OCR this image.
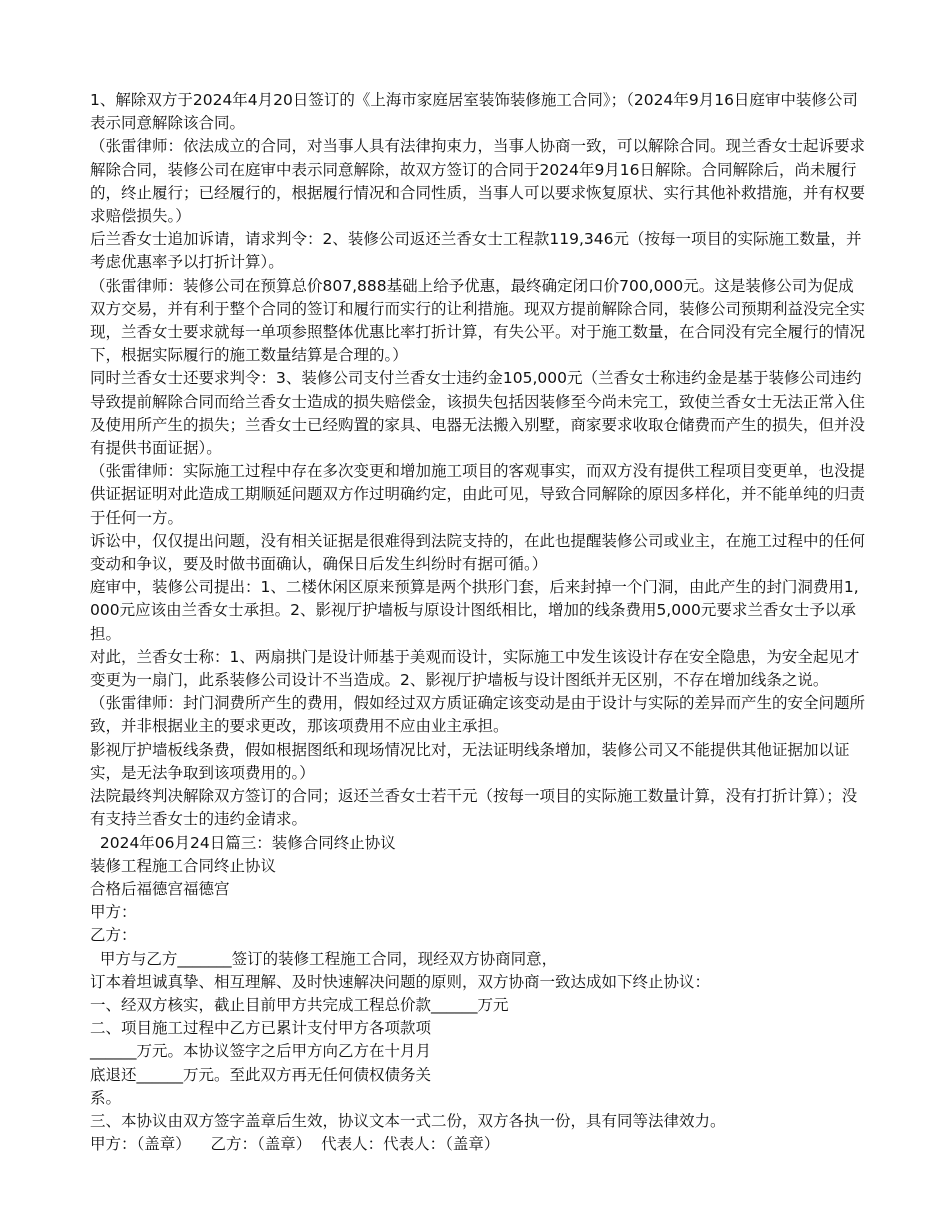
1、解除双方于2024年4月20日签订的《上海市家庭居室装饰装修施工合同》；（2024年9月16日庭审中装修公司表示同意解除该合同。

（张雷律师：依法成立的合同，对当事人具有法律拘束力，当事人协商一致，可以解除合同。现兰香女士起诉要求解除合同，装修公司在庭审中表示同意解除，故双方签订的合同于2024年9月16日解除。合同解除后，尚未履行的，终止履行；已经履行的，根据履行情况和合同性质，当事人可以要求恢复原状、实行其他补救措施，并有权要求赔偿损失。）

后兰香女士追加诉请，请求判令：2、装修公司返还兰香女士工程款119,346元（按每一项目的实际施工数量，并考虑优惠率予以打折计算）。

（张雷律师：装修公司在预算总价807,888基础上给予优惠，最终确定闭口价700,000元。这是装修公司为促成双方交易，并有利于整个合同的签订和履行而实行的让利措施。现双方提前解除合同，装修公司预期利益没完全实现，兰香女士要求就每一单项参照整体优惠比率打折计算，有失公平。对于施工数量，在合同没有完全履行的情况下，根据实际履行的施工数量结算是合理的。）

同时兰香女士还要求判令：3、装修公司支付兰香女士违约金105,000元（兰香女士称违约金是基于装修公司违约导致提前解除合同而给兰香女士造成的损失赔偿金，该损失包括因装修至今尚未完工，致使兰香女士无法正常入住及使用所产生的损失；兰香女士已经购置的家具、电器无法搬入别墅，商家要求收取仓储费而产生的损失，但并没有提供书面证据）。

（张雷律师：实际施工过程中存在多次变更和增加施工项目的客观事实，而双方没有提供工程项目变更单，也没提供证据证明对此造成工期顺延问题双方作过明确约定，由此可见，导致合同解除的原因多样化，并不能单纯的归责于任何一方。

诉讼中，仅仅提出问题，没有相关证据是很难得到法院支持的，在此也提醒装修公司或业主，在施工过程中的任何变动和争议，要及时做书面确认，确保日后发生纠纷时有据可循。）

庭审中，装修公司提出：1、二楼休闲区原来预算是两个拱形门套，后来封掉一个门洞，由此产生的封门洞费用1,000元应该由兰香女士承担。2、影视厅护墙板与原设计图纸相比，增加的线条费用5,000元要求兰香女士予以承担。

对此，兰香女士称：1、两扇拱门是设计师基于美观而设计，实际施工中发生该设计存在安全隐患，为安全起见才变更为一扇门，此系装修公司设计不当造成。2、影视厅护墙板与设计图纸并无区别，不存在增加线条之说。

（张雷律师：封门洞费所产生的费用，假如经过双方质证确定该变动是由于设计与实际的差异而产生的安全问题所致，并非根据业主的要求更改，那该项费用不应由业主承担。

影视厅护墙板线条费，假如根据图纸和现场情况比对，无法证明线条增加，装修公司又不能提供其他证据加以证实，是无法争取到该项费用的。）

法院最终判决解除双方签订的合同；返还兰香女士若干元（按每一项目的实际施工数量计算，没有打折计算）；没有支持兰香女士的违约金请求。

2024年06月24日篇三：装修合同终止协议

装修工程施工合同终止协议

合格后福德宫福德宫

甲方：

乙方：

甲方与乙方_______签订的装修工程施工合同，现经双方协商同意，

订本着坦诚真挚、相互理解、及时快速解决问题的原则，双方协商一致达成如下终止协议：

一、经双方核实，截止目前甲方共完成工程总价款______万元

二、项目施工过程中乙方已累计支付甲方各项款项

______万元。本协议签字之后甲方向乙方在十月月

底退还______万元。至此双方再无任何债权债务关

系。

三、本协议由双方签字盖章后生效，协议文本一式二份，双方各执一份，具有同等法律效力。

甲方：（盖章）    乙方：（盖章）  代表人：代表人：（盖章）
